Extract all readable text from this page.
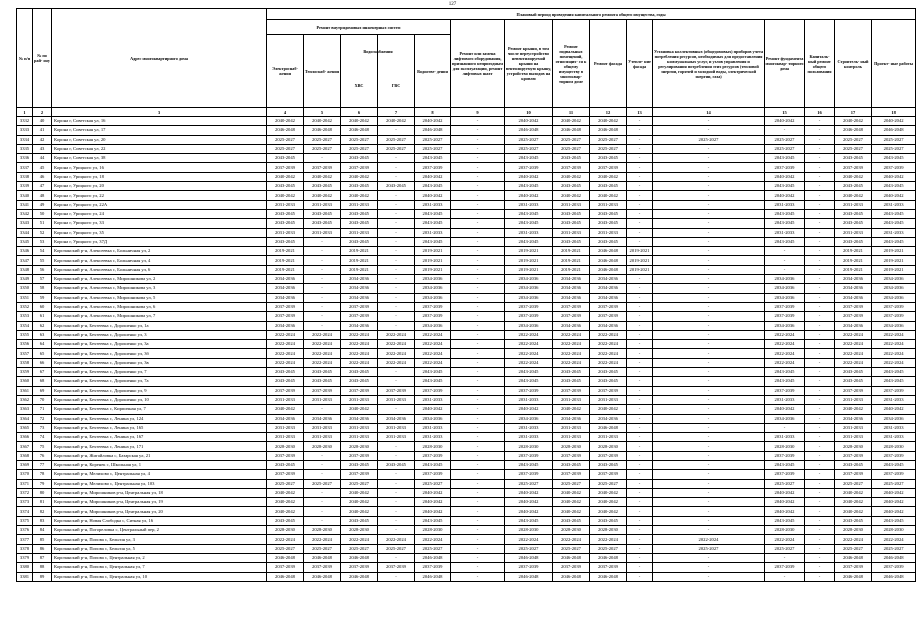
127
№ п/п	№ по рай- ону	Адрес многоквартирного дома	Плановый период проведения капитального ремонта общего имущества, годы														
			Ремонт внутридомовых инженерных систем					Ремонт или замена лифтового оборудования, признанного непригодным для эксплуатации, ремонт лифтовых шахт	Ремонт крыши, в том числе переустройство невентилируемой крыши на вентилируемую крышу, устройство выходов на кровлю	Ремонт подвальных помещений, относящих- ся к общему имуществу в многоквар- тирном доме	Ремонт фасада	Утепле- ние фасада	Установка коллективных (общедомовых) приборов учета потребления ресурсов, необходимых для предоставления коммунальных услуг, и узлов управления и регулирования потребления этих ресурсов (тепловой энергии, горячей и холодной воды, электрической энергии, газа)	Ремонт фундамента многоквар- тирного дома	Капиталь- ный ремонт общего пользования	Строитель- ный контроль	Проект- ные работы
			Электроснаб- жения	Теплоснаб- жения	Водоснабжения
ХВС	ГВС	Водоотве- дения										
1	2	3	4	5	6	7	8	9	10	11	12	13	14	15	16	17	18
3332	40	Корона г, Советская ул, 16	2040-2042	2040-2042	2040-2042	2040-2042	2040-2042	-	2040-2042	2040-2042	2040-2042	-	-	2040-2042	-	2040-2042	2040-2042
3333	41	Корона г, Советская ул, 17	2046-2048	2046-2048	2046-2048	-	2046-2048	-	2046-2048	2046-2048	2046-2048	-	-	-	-	2046-2048	2046-2048
3334	42	Корона г, Советская ул, 20	2025-2027	2025-2027	2025-2027	2025-2027	2025-2027	-	2025-2027	2025-2027	2025-2027	-	2025-2027	2025-2027	-	2025-2027	2025-2027
3335	43	Корона г, Советская ул, 22	2025-2027	2025-2027	2025-2027	2025-2027	2025-2027	-	2025-2027	2025-2027	2025-2027	-	-	2025-2027	-	2025-2027	2025-2027
3336	44	Корона г, Советская ул, 38	2043-2045	-	2043-2045	-	2043-2045	-	2043-2045	2043-2045	2043-2045	-	-	2043-2045	-	2043-2045	2043-2045
3337	45	Корона г, Урицкого ул, 16	2037-2039	2037-2039	2037-2039	-	2037-2039	-	2037-2039	2037-2039	2037-2039	-	-	2037-2039	-	2037-2039	2037-2039
3338	46	Корона г, Урицкого ул, 18	2040-2042	2040-2042	2040-2042	-	2040-2042	-	2040-2042	2040-2042	2040-2042	-	-	2040-2042	-	2040-2042	2040-2042
3339	47	Корона г, Урицкого ул, 20	2043-2045	2043-2045	2043-2045	2043-2045	2043-2045	-	2043-2045	2043-2045	2043-2045	-	-	2043-2045	-	2043-2045	2043-2045
3340	48	Корона г, Урицкого ул, 22	2040-2042	2040-2042	2040-2042	-	2040-2042	-	2040-2042	2040-2042	2040-2042	-	-	2040-2042	-	2040-2042	2040-2042
3341	49	Корона г, Урицкого ул, 22А	2031-2033	2031-2033	2031-2033	-	2031-2033	-	2031-2033	2031-2033	2031-2033	-	-	2031-2033	-	2031-2033	2031-2033
3342	50	Корона г, Урицкого ул, 24	2043-2045	2043-2045	2043-2045	-	2043-2045	-	2043-2045	2043-2045	2043-2045	-	-	2043-2045	-	2043-2045	2043-2045
3343	51	Корона г, Урицкого ул, 33	2043-2045	2043-2045	2043-2045	-	2043-2045	-	2043-2045	2043-2045	2043-2045	-	-	2043-2045	-	2043-2045	2043-2045
3344	52	Корона г, Урицкого ул, 35	2031-2033	2031-2033	2031-2033	-	2031-2033	-	2031-2033	2031-2033	2031-2033	-	-	2031-2033	-	2031-2033	2031-2033
3345	53	Корона г, Урицкого ул, 37Д	2043-2045	-	2043-2045	-	2043-2045	-	2043-2045	2043-2045	2043-2045	-	-	2043-2045	-	2043-2045	2043-2045
3346	54	Корочанский р-н, Алексеевка с, Больничная ул, 2	2019-2021	-	2019-2021	-	2019-2021	-	2019-2021	2019-2021	2046-2048	2019-2021	-	-	-	2019-2021	2019-2021
3347	55	Корочанский р-н, Алексеевка с, Больничная ул, 4	2019-2021	-	2019-2021	-	2019-2021	-	2019-2021	2019-2021	2046-2048	2019-2021	-	-	-	2019-2021	2019-2021
3348	56	Корочанский р-н, Алексеевка с, Больничная ул, 6	2019-2021	-	2019-2021	-	2019-2021	-	2019-2021	2019-2021	2046-2048	2019-2021	-	-	-	2019-2021	2019-2021
3349	57	Корочанский р-н, Алексеевка с, Мирошникова ул, 2	2034-2036	-	2034-2036	-	2034-2036	-	2034-2036	2034-2036	2034-2036	-	-	2034-2036	-	2034-2036	2034-2036
3350	58	Корочанский р-н, Алексеевка с, Мирошникова ул, 3	2034-2036	-	2034-2036	-	2034-2036	-	2034-2036	2034-2036	2034-2036	-	-	2034-2036	-	2034-2036	2034-2036
3351	59	Корочанский р-н, Алексеевка с, Мирошникова ул, 5	2034-2036	-	2034-2036	-	2034-2036	-	2034-2036	2034-2036	2034-2036	-	-	2034-2036	-	2034-2036	2034-2036
3352	60	Корочанский р-н, Алексеевка с, Мирошникова ул, 6	2037-2039	-	2037-2039	-	2037-2039	-	2037-2039	2037-2039	2037-2039	-	-	2037-2039	-	2037-2039	2037-2039
3353	61	Корочанский р-н, Алексеевка с, Мирошникова ул, 7	2037-2039	-	2037-2039	-	2037-2039	-	2037-2039	2037-2039	2037-2039	-	-	2037-2039	-	2037-2039	2037-2039
3354	62	Корочанский р-н, Бехтеевка с, Дорошенко ул, 1а	2034-2036	-	2034-2036	-	2034-2036	-	2034-2036	2034-2036	2034-2036	-	-	2034-2036	-	2034-2036	2034-2036
3355	63	Корочанский р-н, Бехтеевка с, Дорошенко ул, 3	2022-2024	2022-2024	2022-2024	2022-2024	2022-2024	-	2022-2024	2022-2024	2022-2024	-	-	2022-2024	-	2022-2024	2022-2024
3356	64	Корочанский р-н, Бехтеевка с, Дорошенко ул, 3а	2022-2024	2022-2024	2022-2024	2022-2024	2022-2024	-	2022-2024	2022-2024	2022-2024	-	-	2022-2024	-	2022-2024	2022-2024
3357	65	Корочанский р-н, Бехтеевка с, Дорошенко ул, 3б	2022-2024	2022-2024	2022-2024	2022-2024	2022-2024	-	2022-2024	2022-2024	2022-2024	-	-	2022-2024	-	2022-2024	2022-2024
3358	66	Корочанский р-н, Бехтеевка с, Дорошенко ул, 3в	2022-2024	2022-2024	2022-2024	2022-2024	2022-2024	-	2022-2024	2022-2024	2022-2024	-	-	2022-2024	-	2022-2024	2022-2024
3359	67	Корочанский р-н, Бехтеевка с, Дорошенко ул, 7	2043-2045	2043-2045	2043-2045	-	2043-2045	-	2043-2045	2043-2045	2043-2045	-	-	2043-2045	-	2043-2045	2043-2045
3360	68	Корочанский р-н, Бехтеевка с, Дорошенко ул, 7а	2043-2045	2043-2045	2043-2045	-	2043-2045	-	2043-2045	2043-2045	2043-2045	-	-	2043-2045	-	2043-2045	2043-2045
3361	69	Корочанский р-н, Бехтеевка с, Дорошенко ул, 9	2037-2039	2037-2039	2037-2039	2037-2039	2037-2039	-	2037-2039	2037-2039	2037-2039	-	-	2037-2039	-	2037-2039	2037-2039
3362	70	Корочанский р-н, Бехтеевка с, Дорошенко ул, 10	2031-2033	2031-2033	2031-2033	2031-2033	2031-2033	-	2031-2033	2031-2033	2031-2033	-	-	2031-2033	-	2031-2033	2031-2033
3363	71	Корочанский р-н, Бехтеевка с, Кирпичная ул, 7	2040-2042	-	2040-2042	-	2040-2042	-	2040-2042	2040-2042	2040-2042	-	-	2040-2042	-	2040-2042	2040-2042
3364	72	Корочанский р-н, Бехтеевка с, Ленина ул, 124	2034-2036	2034-2036	2034-2036	2034-2036	2034-2036	-	2034-2036	2034-2036	2034-2036	-	-	2034-2036	-	2034-2036	2034-2036
3365	73	Корочанский р-н, Бехтеевка с, Ленина ул, 165	2031-2033	2031-2033	2031-2033	2031-2033	2031-2033	-	2031-2033	2031-2033	2046-2048	-	-	-	-	2031-2033	2031-2033
3366	74	Корочанский р-н, Бехтеевка с, Ленина ул, 167	2031-2033	2031-2033	2031-2033	2031-2033	2031-2033	-	2031-2033	2031-2033	2031-2033	-	-	2031-2033	-	2031-2033	2031-2033
3367	75	Корочанский р-н, Бехтеевка с, Ленина ул, 171	2028-2030	2028-2030	2028-2030	-	2028-2030	-	2028-2030	2028-2030	2028-2030	-	-	2028-2030	-	2028-2030	2028-2030
3368	76	Корочанский р-н, Жигайловка с, Базарская ул, 21	2037-2039	-	2037-2039	-	2037-2039	-	2037-2039	2037-2039	2037-2039	-	-	2037-2039	-	2037-2039	2037-2039
3369	77	Корочанский р-н, Коренек с, Школьная ул, 1	2043-2045	-	2043-2045	2043-2045	2043-2045	-	2043-2045	2043-2045	2043-2045	-	-	2043-2045	-	2043-2045	2043-2045
3370	78	Корочанский р-н, Мелихово с, Центральная ул, 4	2037-2039	-	2037-2039	-	2037-2039	-	2037-2039	2037-2039	2037-2039	-	-	2037-2039	-	2037-2039	2037-2039
3371	79	Корочанский р-н, Мелихово с, Центральная ул, 103	2025-2027	2025-2027	2025-2027	-	2025-2027	-	2025-2027	2025-2027	2025-2027	-	-	2025-2027	-	2025-2027	2025-2027
3372	80	Корочанский р-н, Мирошников р-н, Центральная ул, 18	2040-2042	-	2040-2042	-	2040-2042	-	2040-2042	2040-2042	2040-2042	-	-	2040-2042	-	2040-2042	2040-2042
3373	81	Корочанский р-н, Мирошников р-н, Центральная ул, 19	2040-2042	-	2040-2042	-	2040-2042	-	2040-2042	2040-2042	2040-2042	-	-	2040-2042	-	2040-2042	2040-2042
3374	82	Корочанский р-н, Мирошников р-н, Центральная ул, 20	2040-2042	-	2040-2042	-	2040-2042	-	2040-2042	2040-2042	2040-2042	-	-	2040-2042	-	2040-2042	2040-2042
3375	83	Корочанский р-н, Новая Слободка с, Ситная ул, 16	2043-2045	-	2043-2045	-	2043-2045	-	2043-2045	2043-2045	2043-2045	-	-	2043-2045	-	2043-2045	2043-2045
3376	84	Корочанский р-н, Погореловка с, Центральный пер, 2	2028-2030	2028-2030	2028-2030	-	2028-2030	-	2028-2030	2028-2030	2028-2030	-	-	2028-2030	-	2028-2030	2028-2030
3377	85	Корочанский р-н, Попова с, Бельгия ул, 3	2022-2024	2022-2024	2022-2024	2022-2024	2022-2024	-	2022-2024	2022-2024	2022-2024	-	2022-2024	2022-2024	-	2022-2024	2022-2024
3378	86	Корочанский р-н, Попова с, Бельгия ул, 5	2025-2027	2025-2027	2025-2027	2025-2027	2025-2027	-	2025-2027	2025-2027	2025-2027	-	2025-2027	2025-2027	-	2025-2027	2025-2027
3379	87	Корочанский р-н, Попова с, Центральная ул, 2	2046-2048	2046-2048	2046-2048	-	2046-2048	-	2046-2048	2046-2048	2046-2048	-	-	-	-	2046-2048	2046-2048
3380	88	Корочанский р-н, Попова с, Центральная ул, 7	2037-2039	2037-2039	2037-2039	2037-2039	2037-2039	-	2037-2039	2037-2039	2037-2039	-	-	2037-2039	-	2037-2039	2037-2039
3381	89	Корочанский р-н, Попова с, Центральная ул, 10	2046-2048	2046-2048	2046-2048	-	2046-2048	-	2046-2048	2046-2048	2046-2048	-	-	-	-	2046-2048	2046-2048
